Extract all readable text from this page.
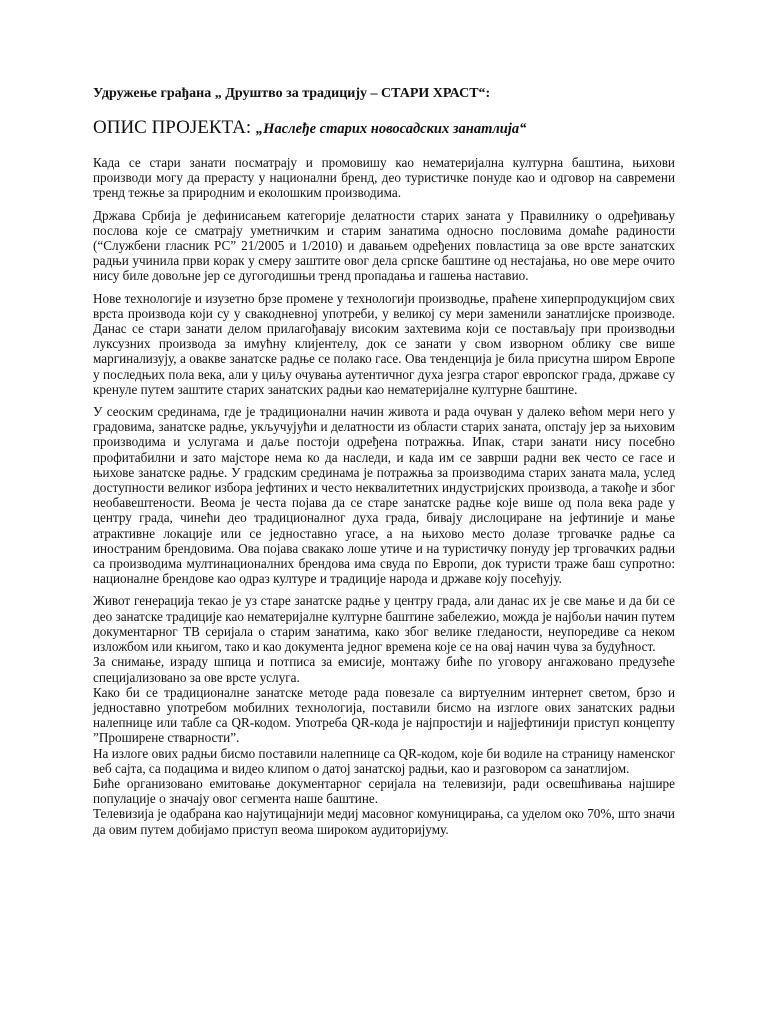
Удружење грађана „ Друштво за традицију – СТАРИ ХРАСТ“:
ОПИС ПРОЈЕКТА: „Наслеђе старих новосадских занатлија“

Када се стари занати посматрају и промовишу као нематеријална културна баштина, њихови производи могу да прерасту у национални бренд, део туристичке понуде као и одговор на савремени тренд тежње за природним и еколошким производима.

Држава Србија је дефинисањем категорије делатности старих заната у Правилнику о одређивању послова које се сматрају уметничким и старим занатима односно пословима домаће радиности (“Службени гласник РС” 21/2005 и 1/2010) и давањем одређених повластица за ове врсте занатских радњи учинила први корак у смеру заштите овог дела српске баштине од нестајања, но ове мере очито нису биле довољне јер се дугогодишњи тренд пропадања и гашења наставио.

Нове технологије и изузетно брзе промене у технологији производње, праћене хиперпродукцијом свих врста производа који су у свакодневној употреби, у великој су мери заменили занатлијске производе. Данас се стари занати делом прилагођавају високим захтевима који се постављају при производњи луксузних производа за имућну клијентелу, док се занати у свом изворном облику све више маргинализују, а овакве занатске радње се полако гасе. Ова тенденција је била присутна широм Европе у последњих пола века, али у циљу очувања аутентичног духа језгра старог европског града, државе су кренуле путем заштите старих занатских радњи као нематеријалне културне баштине.

У сеоским срединама, где је традиционални начин живота и рада очуван у далеко већом мери него у градовима, занатске радње, укључујући и делатности из области старих заната, опстају јер за њиховим производима и услугама и даље постоји одређена потражња. Ипак, стари занати нису посебно профитабилни и зато мајсторе нема ко да наследи, и када им се заврши радни век често се гасе и њихове занатске радње. У градским срединама је потражња за производима старих заната мала, услед доступности великог избора јефтиних и често неквалитетних индустријских производа, а такође и због необавештености. Веома је честа појава да се старе занатске радње које више од пола века раде у центру града, чинећи део традиционалног духа града, бивају дислоциране на јефтиније и мање атрактивне локације или се једноставно угасе, а на њихово место долазе трговачке радње са иностраним брендовима. Ова појава свакако лоше утиче и на туристичку понуду јер трговачких радњи са производима мултинационалних брендова има свуда по Европи, док туристи траже баш супротно: националне брендове као одраз културе и традиције народа и државе коју посећују.

Живот генерација текао је уз старе занатске радње у центру града, али данас их је све мање и да би се део занатске традиције као нематеријалне културне баштине забележио, можда је најбољи начин путем документарног ТВ серијала о старим занатима, како због велике гледаности, неупоредиве са неком изложбом или књигом, тако и као документа једног времена које се на овај начин чува за будућност.

За снимање, израду шпица и потписа за емисије, монтажу биће по уговору ангажовано предузеће специјализовано за ове врсте услуга.

Како би се традиционалне занатске методе рада повезале са виртуелним интернет светом, брзо и једноставно употребом мобилних технологија, поставили бисмо на изглоге ових занатских радњи налепнице или табле са QR-кодом. Употреба QR-кода је најпростији и најјефтинији приступ концепту ”Проширене стварности”.

На излоге ових радњи бисмо поставили налепнице са QR-кодом, које би водиле на страницу наменског веб сајта, са подацима и видео клипом о датој занатској радњи, као и разговором са занатлијом.

Биће организовано емитовање документарног серијала на телевизији, ради освешћивања најшире популације о значају овог сегмента наше баштине.

Телевизија је одабрана као најутицајнији медиј масовног комуницирања, са уделом око 70%, што значи да овим путем добијамо приступ веома широком аудиторијуму.
